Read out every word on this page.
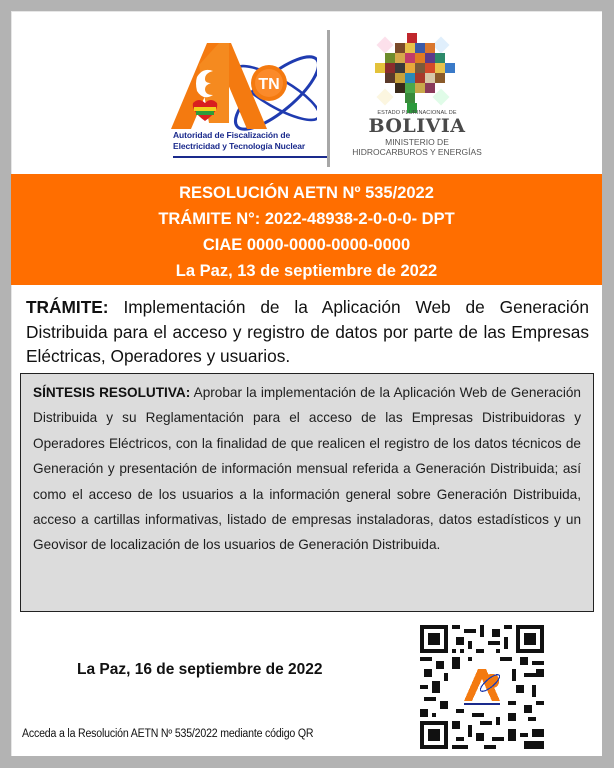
TN
Autoridad de Fiscalización de
Electricidad y Tecnología Nuclear
ESTADO PLURINACIONAL DE
BOLIVIA
MINISTERIO DE
HIDROCARBUROS Y ENERGÍAS
RESOLUCIÓN AETN Nº 535/2022
TRÁMITE N°: 2022-48938-2-0-0-0- DPT
CIAE 0000-0000-0000-0000
La Paz, 13 de septiembre de 2022
TRÁMITE: Implementación de la Aplicación Web de Generación Distribuida para el acceso y registro de datos por parte de las Empresas Eléctricas, Operadores y usuarios.
SÍNTESIS RESOLUTIVA: Aprobar la implementación de la Aplicación Web de Generación Distribuida y su Reglamentación para el acceso de las Empresas Distribuidoras y Operadores Eléctricos, con la finalidad de que realicen el registro de los datos técnicos de Generación y presentación de información mensual referida a Generación Distribuida; así como el acceso de los usuarios a la información general sobre Generación Distribuida, acceso a cartillas informativas, listado de empresas instaladoras, datos estadísticos y un Geovisor de localización de los usuarios de Generación Distribuida.
La Paz, 16 de septiembre de 2022
Acceda a la Resolución AETN Nº 535/2022 mediante código QR
